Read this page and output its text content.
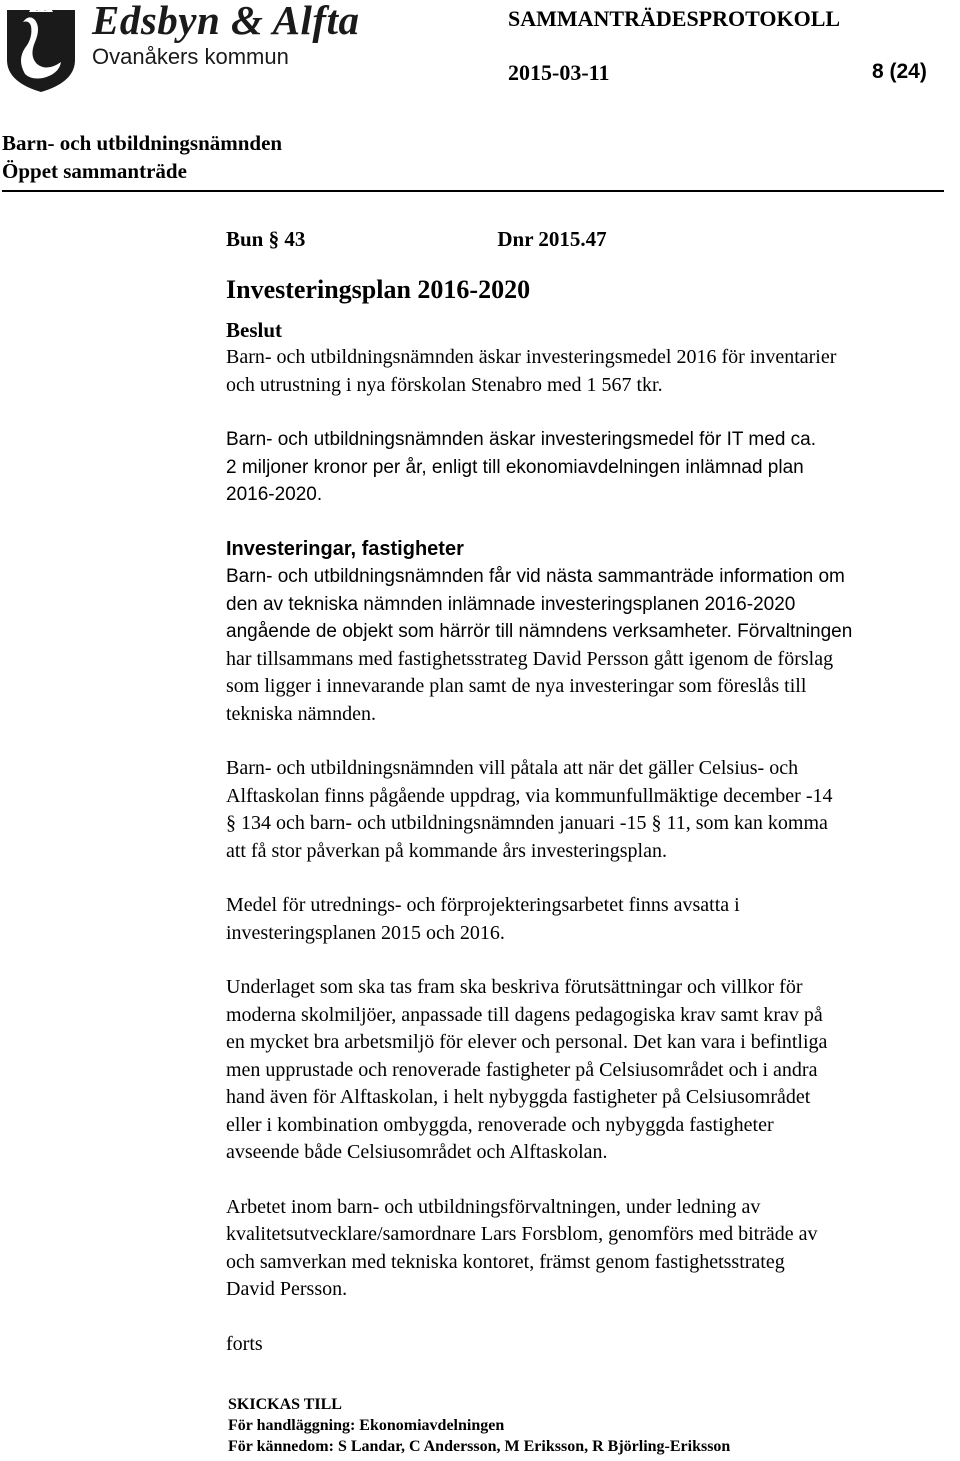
Edsbyn & Alfta
Ovanåkers kommun
SAMMANTRÄDESPROTOKOLL
2015-03-11	8 (24)
Barn- och utbildningsnämnden
Öppet sammanträde

Bun § 43	Dnr 2015.47

Investeringsplan 2016-2020

Beslut

Barn- och utbildningsnämnden äskar investeringsmedel 2016 för inventarier

och utrustning i nya förskolan Stenabro med 1 567 tkr.

Barn- och utbildningsnämnden äskar investeringsmedel för IT med ca.

2 miljoner kronor per år, enligt till ekonomiavdelningen inlämnad plan

2016-2020.

Investeringar, fastigheter

Barn- och utbildningsnämnden får vid nästa sammanträde information om

den av tekniska nämnden inlämnade investeringsplanen 2016-2020

angående de objekt som härrör till nämndens verksamheter. Förvaltningen

har tillsammans med fastighetsstrateg David Persson gått igenom de förslag

som ligger i innevarande plan samt de nya investeringar som föreslås till

tekniska nämnden.

Barn- och utbildningsnämnden vill påtala att när det gäller Celsius- och

Alftaskolan finns pågående uppdrag, via kommunfullmäktige december -14

§ 134 och barn- och utbildningsnämnden januari -15 § 11, som kan komma

att få stor påverkan på kommande års investeringsplan.

Medel för utrednings- och förprojekteringsarbetet finns avsatta i

investeringsplanen 2015 och 2016.

Underlaget som ska tas fram ska beskriva förutsättningar och villkor för

moderna skolmiljöer, anpassade till dagens pedagogiska krav samt krav på

en mycket bra arbetsmiljö för elever och personal. Det kan vara i befintliga

men upprustade och renoverade fastigheter på Celsiusområdet och i andra

hand även för Alftaskolan, i helt nybyggda fastigheter på Celsiusområdet

eller i kombination ombyggda, renoverade och nybyggda fastigheter

avseende både Celsiusområdet och Alftaskolan.

Arbetet inom barn- och utbildningsförvaltningen, under ledning av

kvalitetsutvecklare/samordnare Lars Forsblom, genomförs med biträde av

och samverkan med tekniska kontoret, främst genom fastighetsstrateg

David Persson.

forts

SKICKAS TILL
För handläggning: Ekonomiavdelningen
För kännedom: S Landar, C Andersson, M Eriksson, R Björling-Eriksson
